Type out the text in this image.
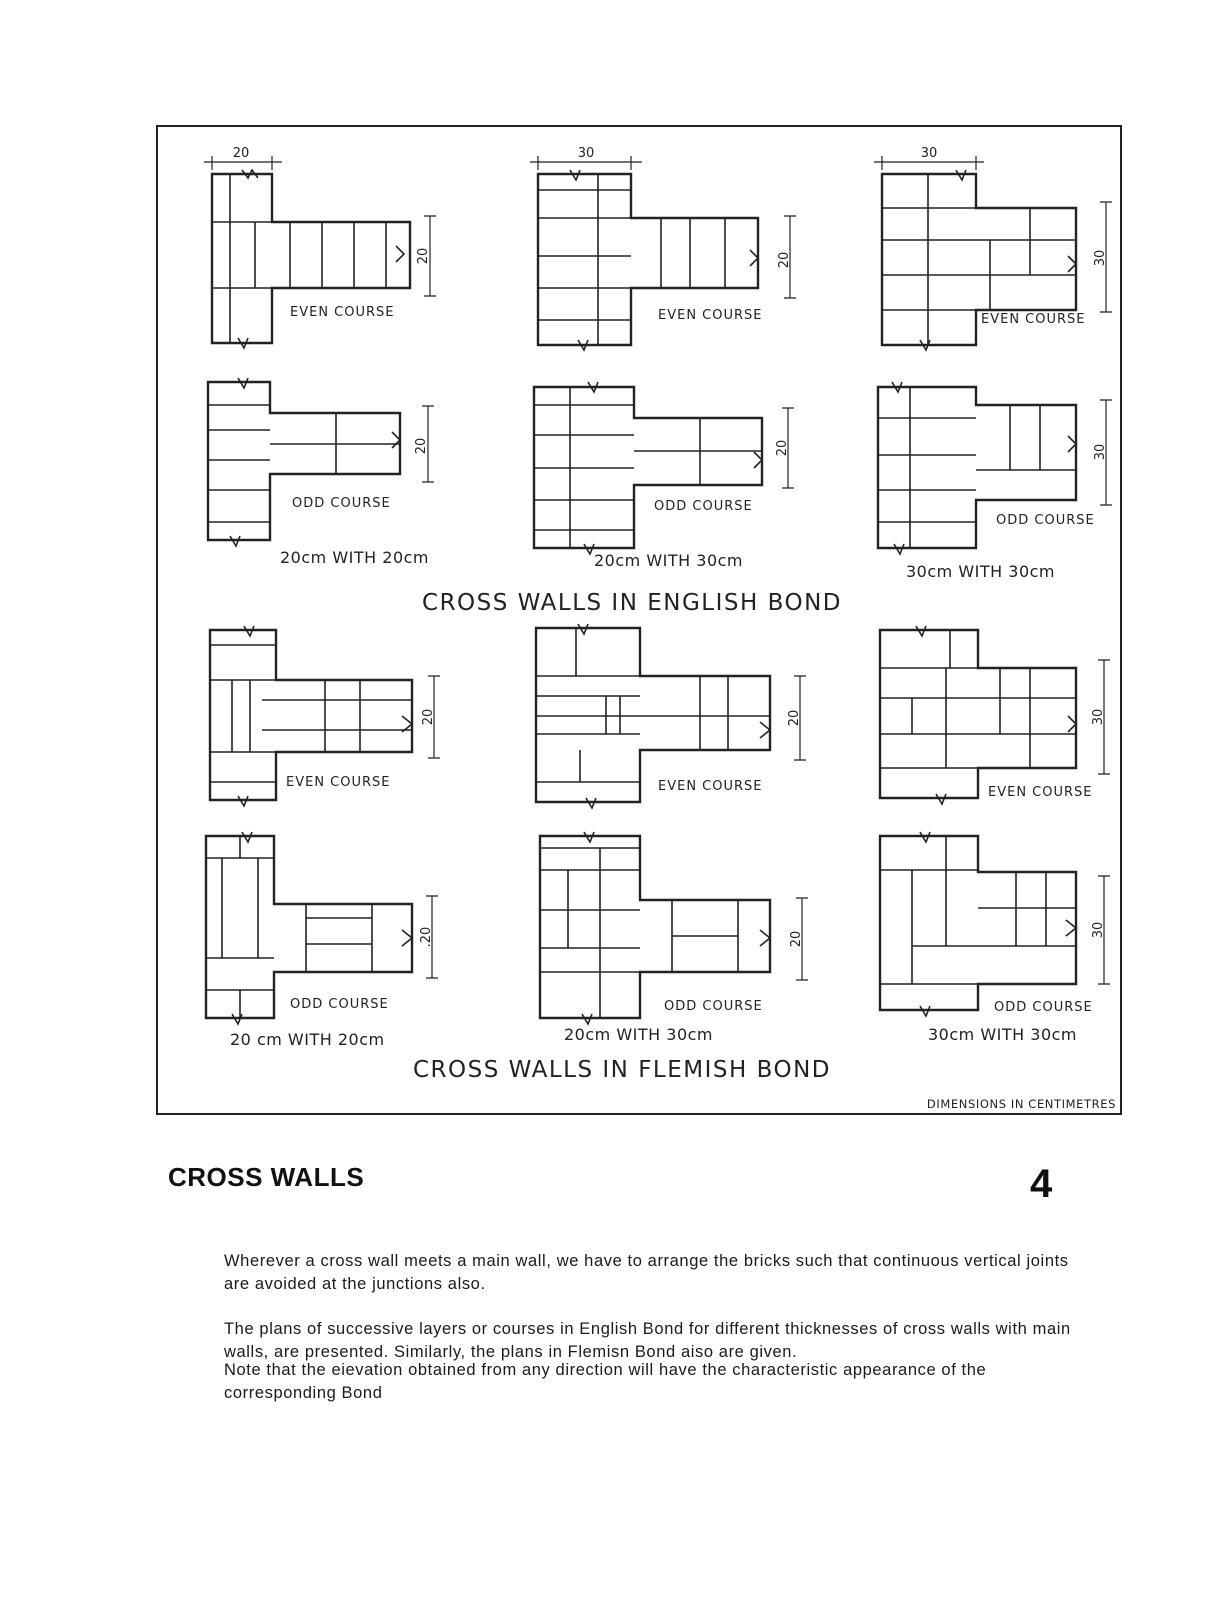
20
20
EVEN COURSE
20
ODD COURSE
20cm WITH 20cm
30
20
EVEN COURSE
20
ODD COURSE
20cm WITH 30cm
30
30
EVEN COURSE
30
ODD COURSE
30cm WITH 30cm
CROSS WALLS IN ENGLISH BOND
20
EVEN COURSE
.20
ODD COURSE
20 cm WITH 20cm
20
EVEN COURSE
20
ODD COURSE
20cm WITH 30cm
30
EVEN COURSE
30
ODD COURSE
30cm WITH 30cm
CROSS WALLS IN FLEMISH BOND
DIMENSIONS IN CENTIMETRES
CROSS WALLS	4

Wherever a cross wall meets a main wall, we have to arrange the bricks such that continuous vertical joints are avoided at the junctions also.

The plans of successive layers or courses in English Bond for different thicknesses of cross walls with main walls, are presented. Similarly, the plans in Flemisn Bond aiso are given.

Note that the eievation obtained from any direction will have the characteristic appearance of the corresponding Bond
